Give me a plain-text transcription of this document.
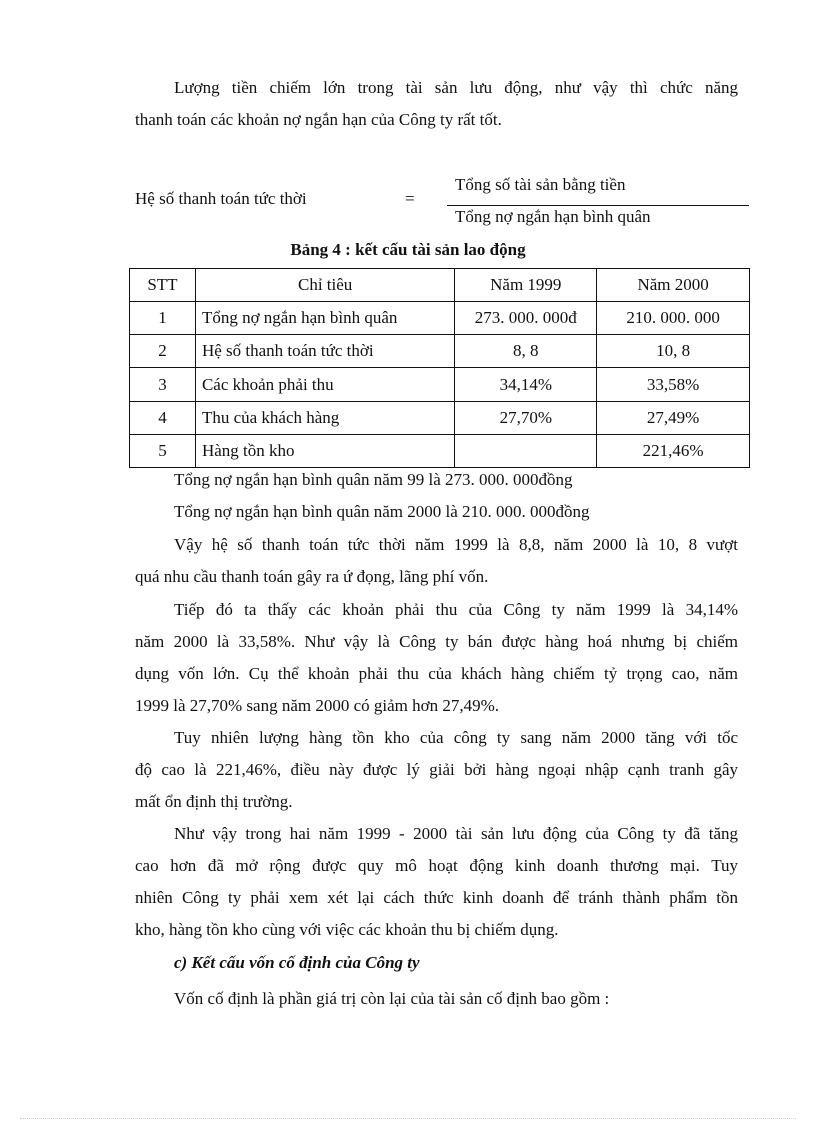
Lượng tiền chiếm lớn trong tài sản lưu động, như vậy thì chức năng
thanh toán các khoản nợ ngắn hạn của Công ty rất tốt.
Hệ số thanh toán tức thời	=
Tổng số tài sản bằng tiền
Tổng nợ ngắn hạn bình quân
Bảng 4 : kết cấu tài sản lao động
STT	Chỉ tiêu	Năm 1999	Năm 2000
1	Tổng nợ ngắn hạn bình quân	273. 000. 000đ	210. 000. 000
2	Hệ số thanh toán tức thời	8, 8	10, 8
3	Các khoản phải thu	34,14%	33,58%
4	Thu của khách hàng	27,70%	27,49%
5	Hàng tồn kho		221,46%
Tổng nợ ngắn hạn bình quân năm 99 là 273. 000. 000đồng
Tổng nợ ngắn hạn bình quân năm 2000 là 210. 000. 000đồng
Vậy hệ số thanh toán tức thời năm 1999 là 8,8, năm 2000 là 10, 8 vượt
quá nhu cầu thanh toán gây ra ứ đọng, lãng phí vốn.
Tiếp đó ta thấy các khoản phải thu của Công ty năm 1999 là 34,14%
năm 2000 là 33,58%. Như vậy là Công ty bán được hàng hoá nhưng bị chiếm
dụng vốn lớn. Cụ thể khoản phải thu của khách hàng chiếm tỷ trọng cao, năm
1999 là 27,70% sang năm 2000 có giảm hơn 27,49%.
Tuy nhiên lượng hàng tồn kho của công ty sang năm 2000 tăng với tốc
độ cao là 221,46%, điều này được lý giải bởi hàng ngoại nhập cạnh tranh gây
mất ổn định thị trường.
Như vậy trong hai năm 1999 - 2000 tài sản lưu động của Công ty đã tăng
cao hơn đã mở rộng được quy mô hoạt động kinh doanh thương mại. Tuy
nhiên Công ty phải xem xét lại cách thức kinh doanh để tránh thành phẩm tồn
kho, hàng tồn kho cùng với việc các khoản thu bị chiếm dụng.
c) Kết cấu vốn cố định của Công ty
Vốn cố định là phần giá trị còn lại của tài sản cố định bao gồm :
